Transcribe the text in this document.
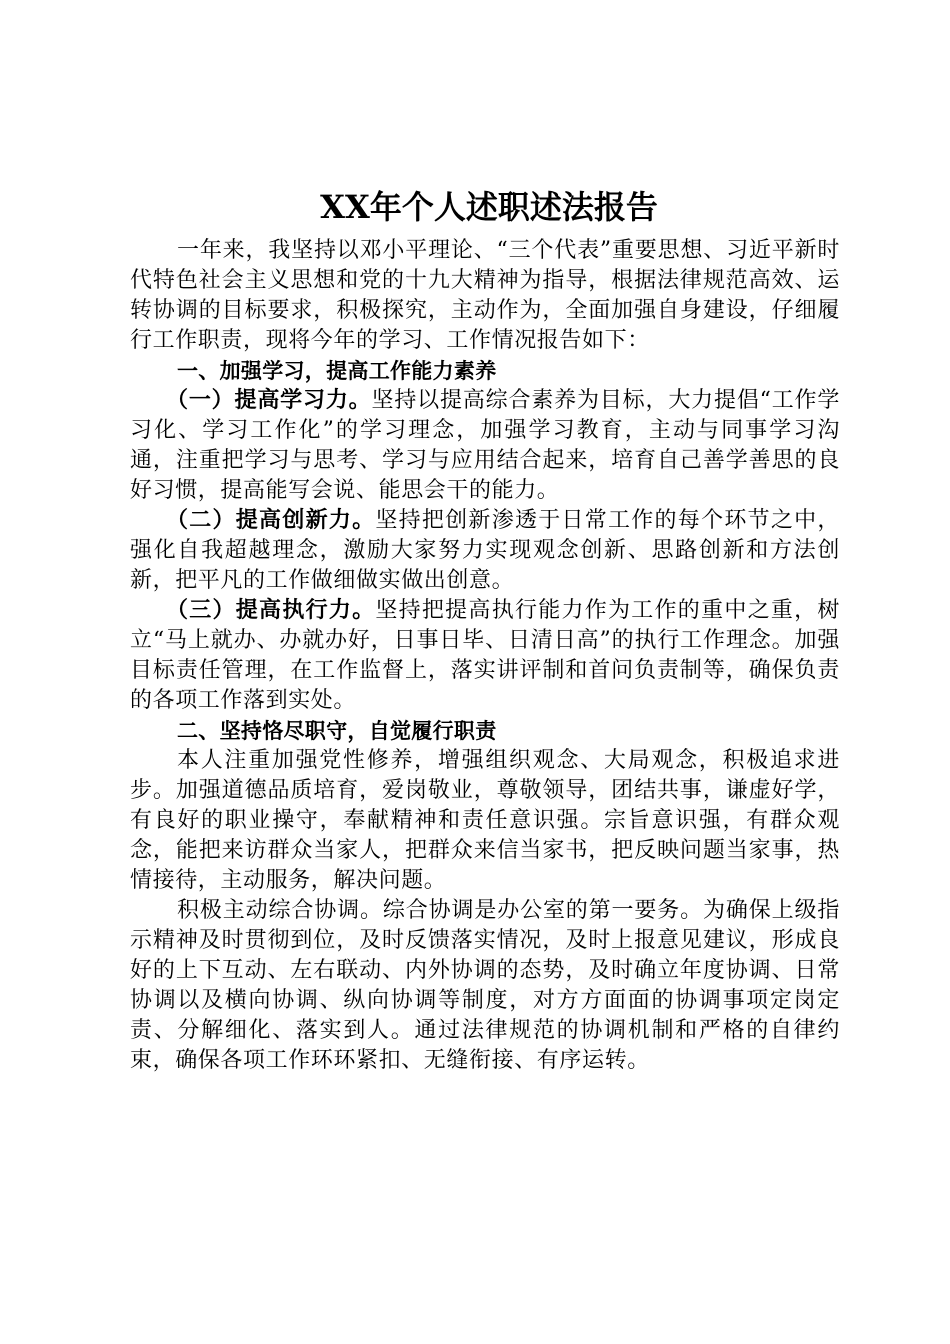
XX年个人述职述法报告

一年来，我坚持以邓小平理论、“三个代表”重要思想、习近平新时代特色社会主义思想和党的十九大精神为指导，根据法律规范高效、运转协调的目标要求，积极探究，主动作为，全面加强自身建设，仔细履行工作职责，现将今年的学习、工作情况报告如下：

一、加强学习，提高工作能力素养

（一）提高学习力。坚持以提高综合素养为目标，大力提倡“工作学习化、学习工作化”的学习理念，加强学习教育，主动与同事学习沟通，注重把学习与思考、学习与应用结合起来，培育自己善学善思的良好习惯，提高能写会说、能思会干的能力。

（二）提高创新力。坚持把创新渗透于日常工作的每个环节之中，强化自我超越理念，激励大家努力实现观念创新、思路创新和方法创新，把平凡的工作做细做实做出创意。

（三）提高执行力。坚持把提高执行能力作为工作的重中之重，树立“马上就办、办就办好，日事日毕、日清日高”的执行工作理念。加强目标责任管理，在工作监督上，落实讲评制和首问负责制等，确保负责的各项工作落到实处。

二、坚持恪尽职守，自觉履行职责

本人注重加强党性修养，增强组织观念、大局观念，积极追求进步。加强道德品质培育，爱岗敬业，尊敬领导，团结共事，谦虚好学，有良好的职业操守，奉献精神和责任意识强。宗旨意识强，有群众观念，能把来访群众当家人，把群众来信当家书，把反映问题当家事，热情接待，主动服务，解决问题。

积极主动综合协调。综合协调是办公室的第一要务。为确保上级指示精神及时贯彻到位，及时反馈落实情况，及时上报意见建议，形成良好的上下互动、左右联动、内外协调的态势，及时确立年度协调、日常协调以及横向协调、纵向协调等制度，对方方面面的协调事项定岗定责、分解细化、落实到人。通过法律规范的协调机制和严格的自律约束，确保各项工作环环紧扣、无缝衔接、有序运转。
